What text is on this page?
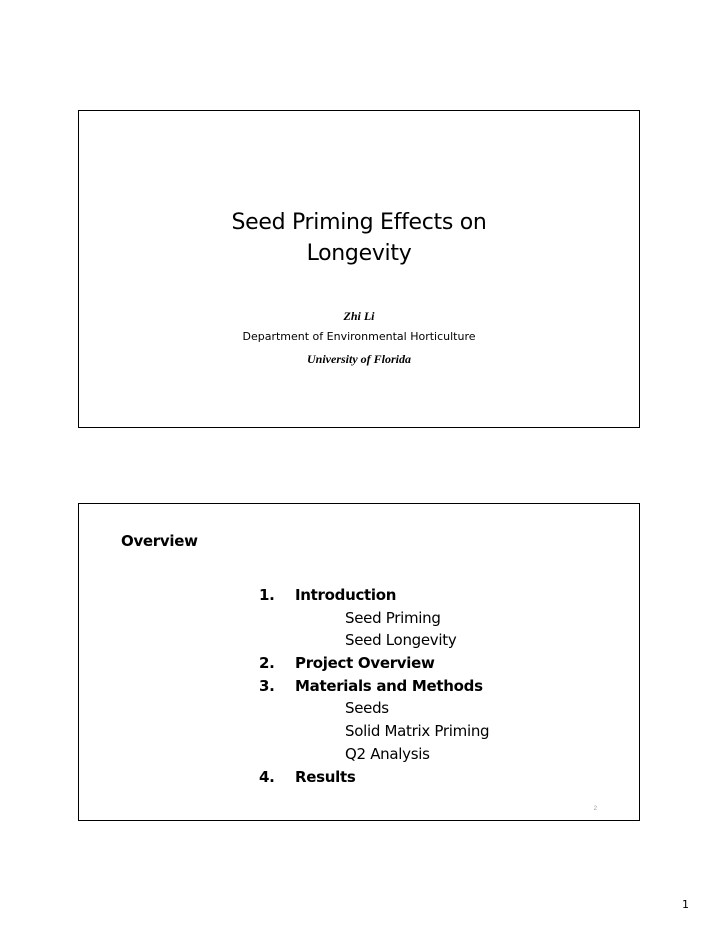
Seed Priming Effects on
Longevity
Zhi Li
Department of Environmental Horticulture
University of Florida
Overview
1. Introduction
Seed Priming
Seed Longevity
2. Project Overview
3. Materials and Methods
Seeds
Solid Matrix Priming
Q2 Analysis
4. Results
2
1
